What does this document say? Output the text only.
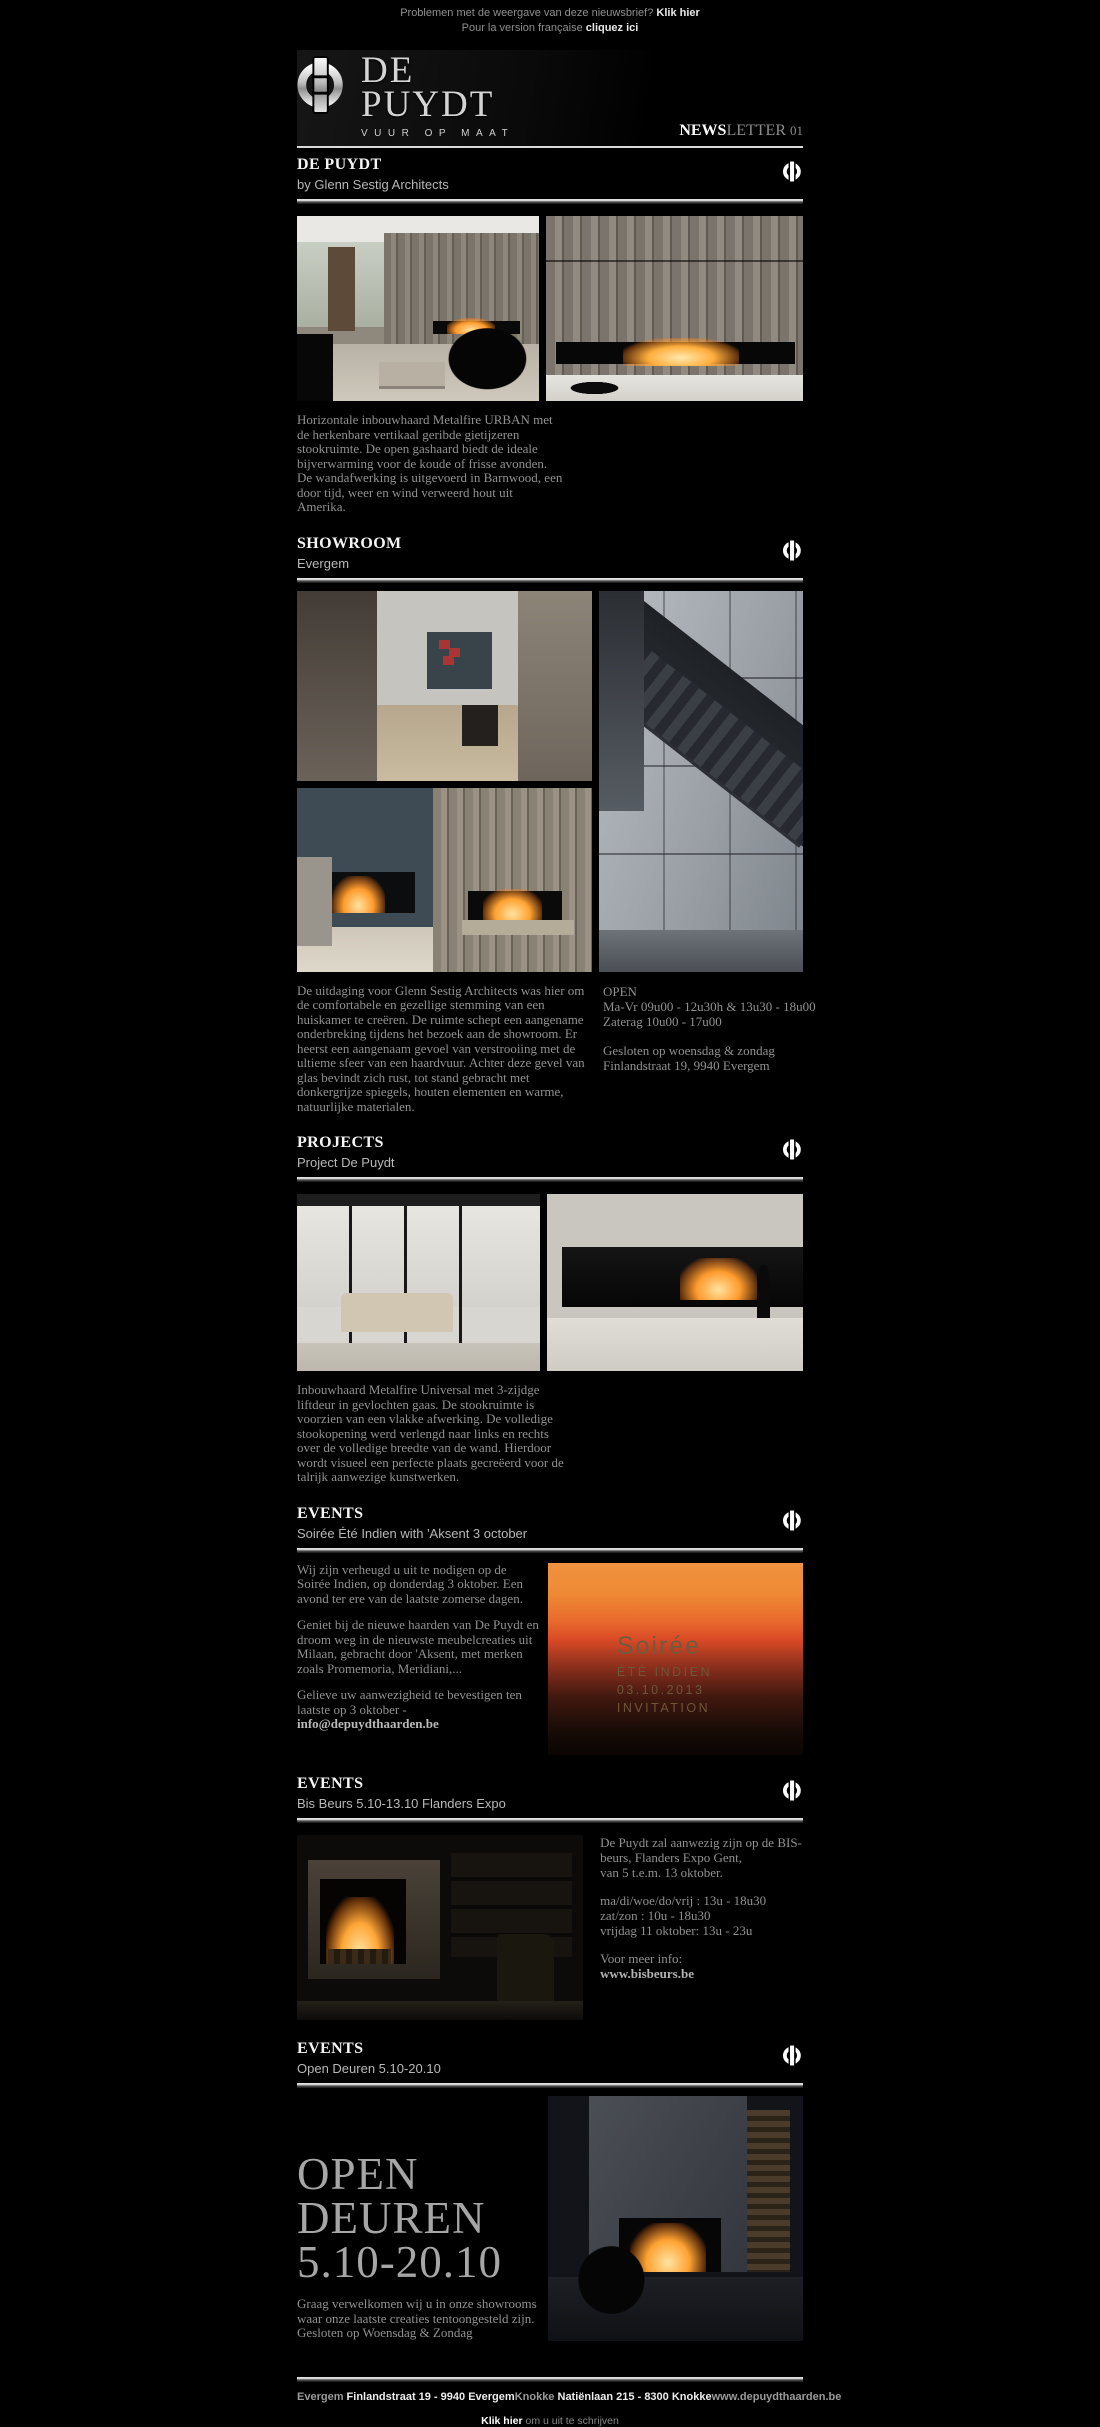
Problemen met de weergave van deze nieuwsbrief? Klik hier
Pour la version française cliquez ici
DE
PUYDT
VUUR OP MAAT	NEWSLETTER 01
DE PUYDT
by Glenn Sestig Architects
Horizontale inbouwhaard Metalfire URBAN met de herkenbare vertikaal geribde gietijzeren stookruimte. De open gashaard biedt de ideale bijverwarming voor de koude of frisse avonden. De wandafwerking is uitgevoerd in Barnwood, een door tijd, weer en wind verweerd hout uit Amerika.
SHOWROOM
Evergem
De uitdaging voor Glenn Sestig Architects was hier om de comfortabele en gezellige stemming van een huiskamer te creëren. De ruimte schept een aangename onderbreking tijdens het bezoek aan de showroom. Er heerst een aangenaam gevoel van verstrooiing met de ultieme sfeer van een haardvuur. Achter deze gevel van glas bevindt zich rust, tot stand gebracht met donkergrijze spiegels, houten elementen en warme, natuurlijke materialen.
OPEN
Ma-Vr 09u00 - 12u30h & 13u30 - 18u00
Zaterag 10u00 - 17u00
Gesloten op woensdag & zondag
Finlandstraat 19, 9940 Evergem
PROJECTS
Project De Puydt
Inbouwhaard Metalfire Universal met 3-zijdge liftdeur in gevlochten gaas. De stookruimte is voorzien van een vlakke afwerking. De volledige stookopening werd verlengd naar links en rechts over de volledige breedte van de wand. Hierdoor wordt visueel een perfecte plaats gecreëerd voor de talrijk aanwezige kunstwerken.
EVENTS
Soirée Été Indien with 'Aksent 3 october
Wij zijn verheugd u uit te nodigen op de Soirée Indien, op donderdag 3 oktober. Een avond ter ere van de laatste zomerse dagen.
Geniet bij de nieuwe haarden van De Puydt en droom weg in de nieuwste meubelcreaties uit Milaan, gebracht door 'Aksent, met merken zoals Promemoria, Meridiani,...
Gelieve uw aanwezigheid te bevestigen ten laatste op 3 oktober - info@depuydthaarden.be
Soirée
ÉTÉ INDIEN
03.10.2013
INVITATION
EVENTS
Bis Beurs 5.10-13.10 Flanders Expo
De Puydt zal aanwezig zijn op de BIS-
beurs, Flanders Expo Gent,
van 5 t.e.m. 13 oktober.
ma/di/woe/do/vrij : 13u - 18u30
zat/zon : 10u - 18u30
vrijdag 11 oktober: 13u - 23u
Voor meer info:
www.bisbeurs.be
EVENTS
Open Deuren 5.10-20.10
OPEN
DEUREN
5.10-20.10
Graag verwelkomen wij u in onze showrooms waar onze laatste creaties tentoongesteld zijn. Gesloten op Woensdag & Zondag
Evergem Finlandstraat 19 - 9940 Evergem Knokke Natiënlaan 215 - 8300 Knokke www.depuydthaarden.be
Klik hier om u uit te schrijven
